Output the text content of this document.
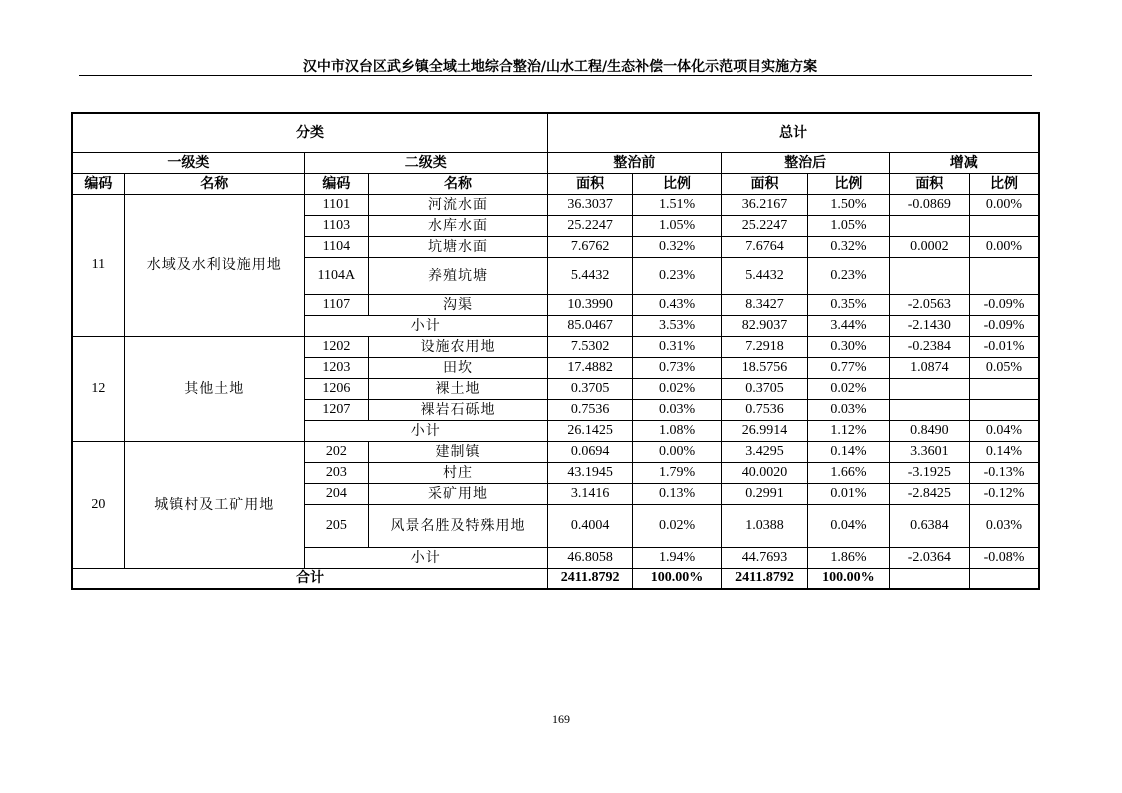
汉中市汉台区武乡镇全域土地综合整治/山水工程/生态补偿一体化示范项目实施方案
分类				总计					
一级类		二级类		整治前		整治后		增减	
编码	名称	编码	名称	面积	比例	面积	比例	面积	比例
11	水域及水利设施用地	1101	河流水面	36.3037	1.51%	36.2167	1.50%	-0.0869	0.00%
		1103	水库水面	25.2247	1.05%	25.2247	1.05%		
		1104	坑塘水面	7.6762	0.32%	7.6764	0.32%	0.0002	0.00%
		1104A	养殖坑塘	5.4432	0.23%	5.4432	0.23%		
		1107	沟渠	10.3990	0.43%	8.3427	0.35%	-2.0563	-0.09%
		小计		85.0467	3.53%	82.9037	3.44%	-2.1430	-0.09%
12	其他土地	1202	设施农用地	7.5302	0.31%	7.2918	0.30%	-0.2384	-0.01%
		1203	田坎	17.4882	0.73%	18.5756	0.77%	1.0874	0.05%
		1206	裸土地	0.3705	0.02%	0.3705	0.02%		
		1207	裸岩石砾地	0.7536	0.03%	0.7536	0.03%		
		小计		26.1425	1.08%	26.9914	1.12%	0.8490	0.04%
20	城镇村及工矿用地	202	建制镇	0.0694	0.00%	3.4295	0.14%	3.3601	0.14%
		203	村庄	43.1945	1.79%	40.0020	1.66%	-3.1925	-0.13%
		204	采矿用地	3.1416	0.13%	0.2991	0.01%	-2.8425	-0.12%
		205	风景名胜及特殊用地	0.4004	0.02%	1.0388	0.04%	0.6384	0.03%
		小计		46.8058	1.94%	44.7693	1.86%	-2.0364	-0.08%
合计				2411.8792	100.00%	2411.8792	100.00%		
169
